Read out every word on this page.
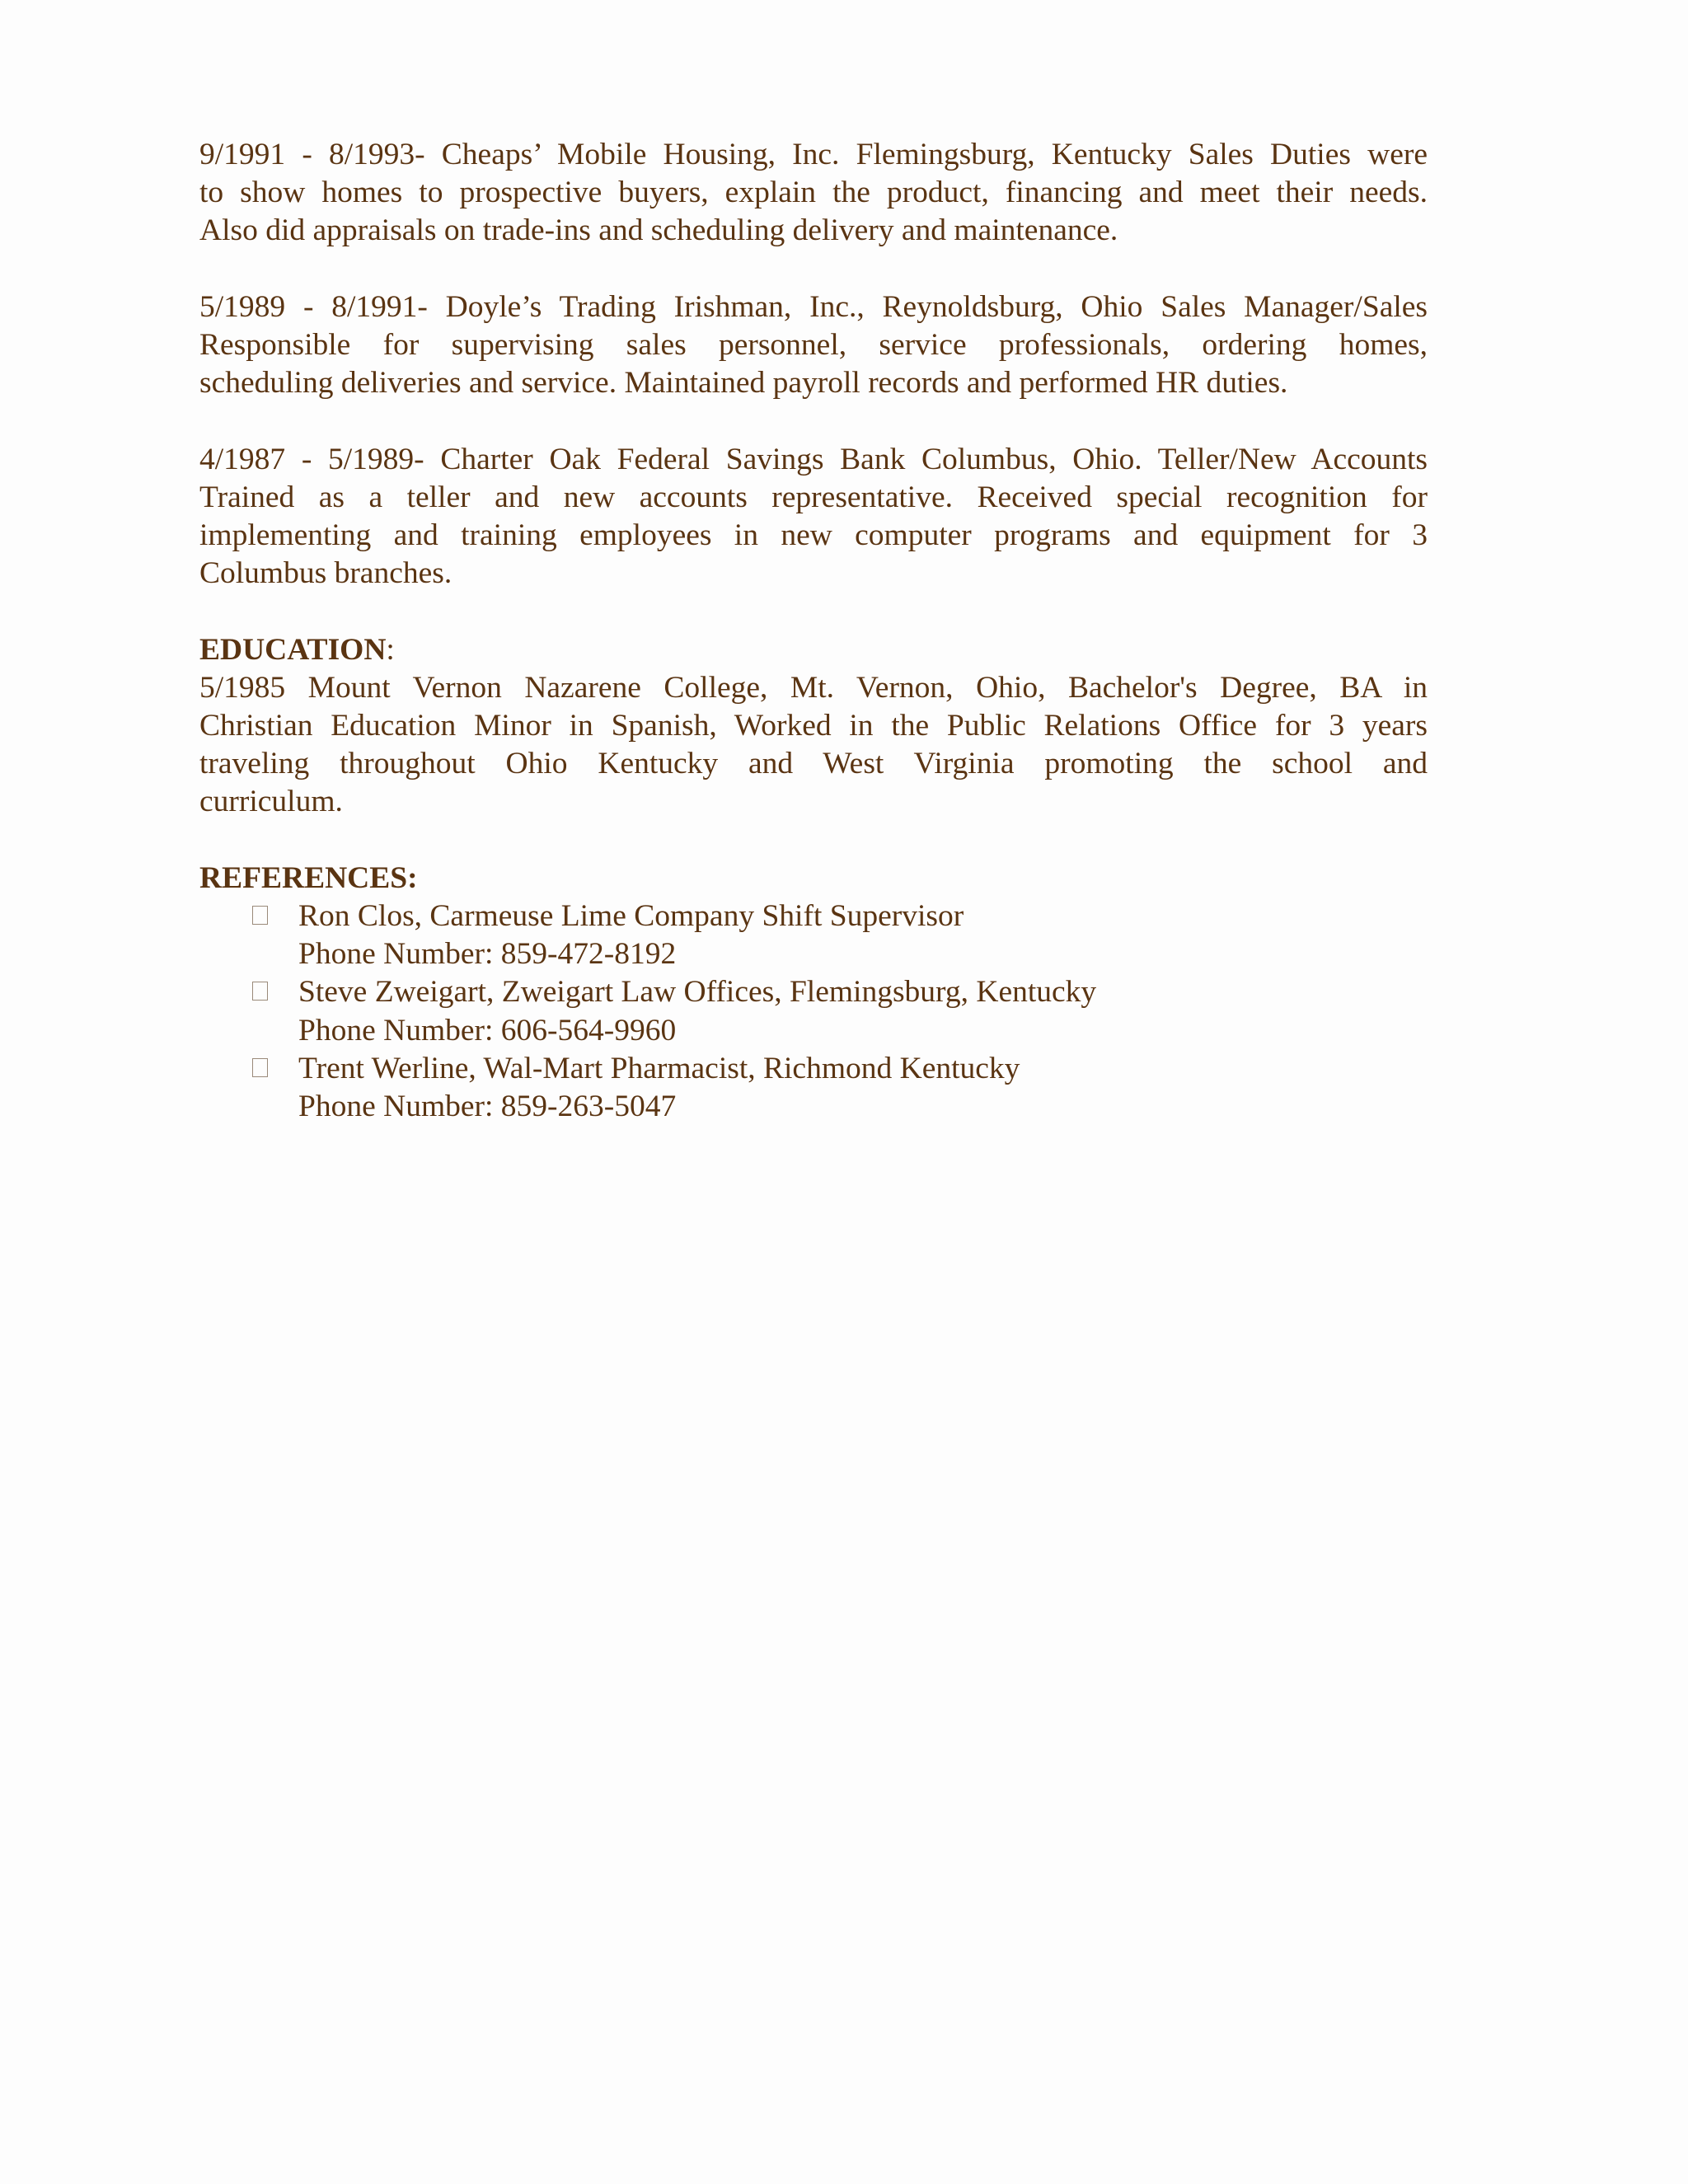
9/1991 - 8/1993- Cheaps’ Mobile Housing, Inc. Flemingsburg, Kentucky Sales Duties were
to show homes to prospective buyers, explain the product, financing and meet their needs.
Also did appraisals on trade-ins and scheduling delivery and maintenance.
5/1989 - 8/1991- Doyle’s Trading Irishman, Inc., Reynoldsburg, Ohio Sales Manager/Sales
Responsible for supervising sales personnel, service professionals, ordering homes,
scheduling deliveries and service. Maintained payroll records and performed HR duties.
4/1987 - 5/1989- Charter Oak Federal Savings Bank Columbus, Ohio. Teller/New Accounts
Trained as a teller and new accounts representative. Received special recognition for
implementing and training employees in new computer programs and equipment for 3
Columbus branches.

EDUCATION:

5/1985 Mount Vernon Nazarene College, Mt. Vernon, Ohio, Bachelor's Degree, BA in
Christian Education Minor in Spanish, Worked in the Public Relations Office for 3 years
traveling throughout Ohio Kentucky and West Virginia promoting the school and
curriculum.

REFERENCES:

Ron Clos, Carmeuse Lime Company Shift Supervisor
Phone Number: 859-472-8192
Steve Zweigart, Zweigart Law Offices, Flemingsburg, Kentucky
Phone Number: 606-564-9960
Trent Werline, Wal-Mart Pharmacist, Richmond Kentucky
Phone Number: 859-263-5047
